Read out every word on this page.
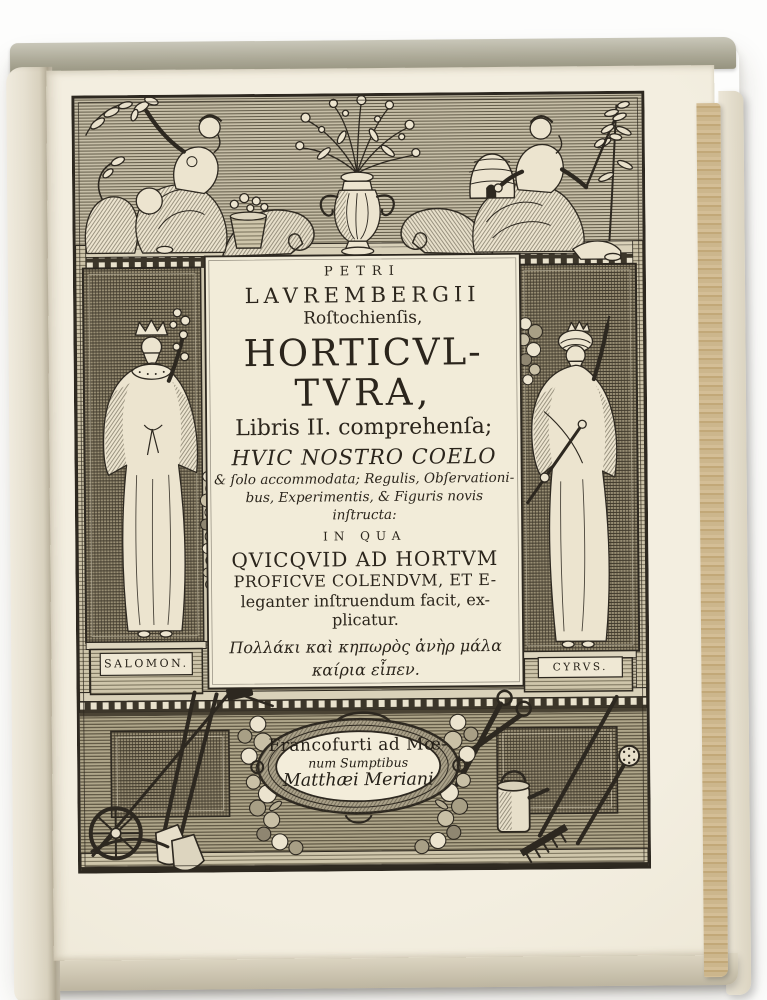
PETRI
LAVREMBERGII
Roſtochienſis,
HORTICVL-
TVRA,
Libris II. comprehenſa;
HVIC NOSTRO COELO
& ſolo accommodata; Regulis, Obſervationi-
bus, Experimentis, & Figuris novis
inſtructa:
IN QUA
QVICQVID AD HORTVM
PROFICVE COLENDVM, ET E-
leganter inſtruendum facit, ex-
plicatur.
Πολλάκι καὶ κηπωρὸς ἀνὴρ μάλα
καίρια εἶπεν.
SALOMON.	CYRVS.
Francofurti ad Mœ-
num Sumptibus
Matthæi Meriani
